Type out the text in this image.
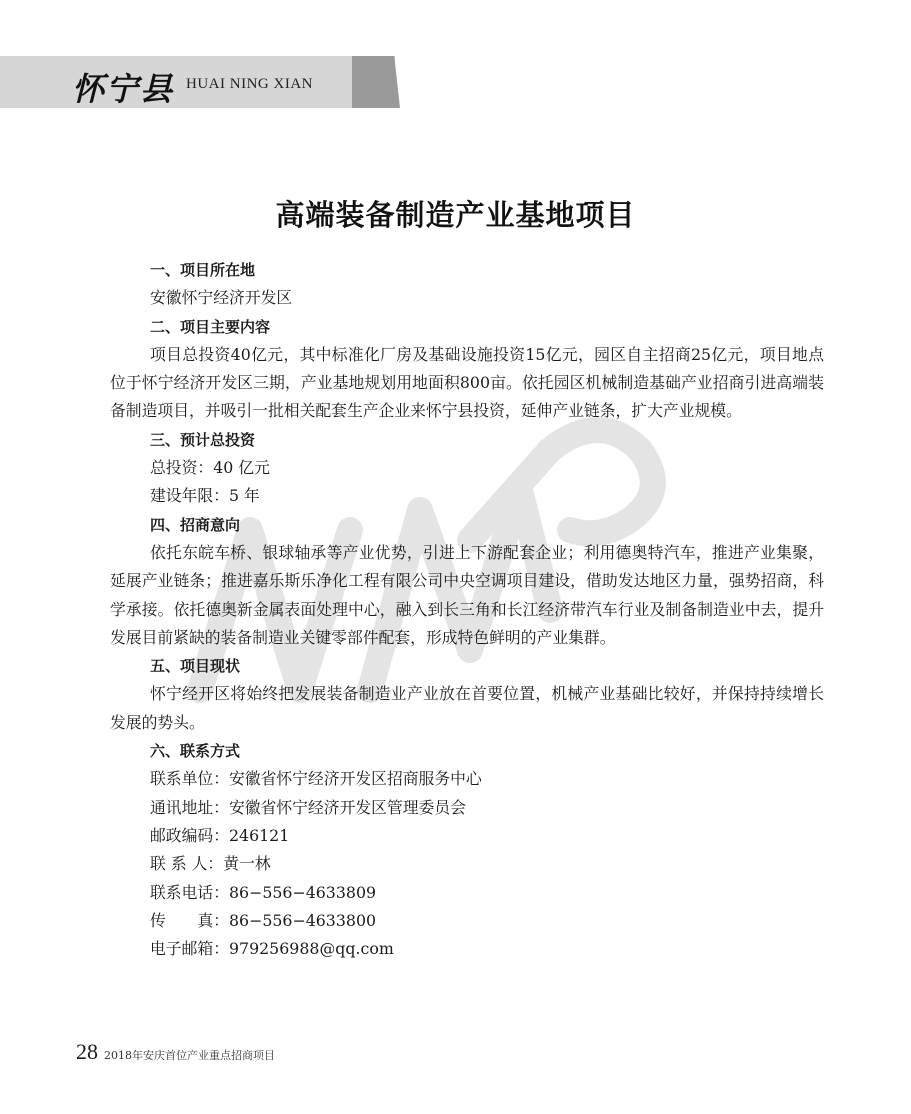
怀宁县 HUAI NING XIAN
高端装备制造产业基地项目

一、项目所在地

安徽怀宁经济开发区

二、项目主要内容

项目总投资40亿元，其中标准化厂房及基础设施投资15亿元，园区自主招商25亿元，项目地点位于怀宁经济开发区三期，产业基地规划用地面积800亩。依托园区机械制造基础产业招商引进高端装备制造项目，并吸引一批相关配套生产企业来怀宁县投资，延伸产业链条，扩大产业规模。

三、预计总投资

总投资：40 亿元

建设年限：5 年

四、招商意向

依托东皖车桥、银球轴承等产业优势，引进上下游配套企业；利用德奥特汽车，推进产业集聚，延展产业链条；推进嘉乐斯乐净化工程有限公司中央空调项目建设，借助发达地区力量，强势招商，科学承接。依托德奥新金属表面处理中心，融入到长三角和长江经济带汽车行业及制备制造业中去，提升发展目前紧缺的装备制造业关键零部件配套，形成特色鲜明的产业集群。

五、项目现状

怀宁经开区将始终把发展装备制造业产业放在首要位置，机械产业基础比较好，并保持持续增长发展的势头。

六、联系方式

联系单位：安徽省怀宁经济开发区招商服务中心

通讯地址：安徽省怀宁经济开发区管理委员会

邮政编码：246121

联 系 人：黄一林

联系电话：86−556−4633809

传　　真：86−556−4633800

电子邮箱：979256988@qq.com

28 2018年安庆首位产业重点招商项目
